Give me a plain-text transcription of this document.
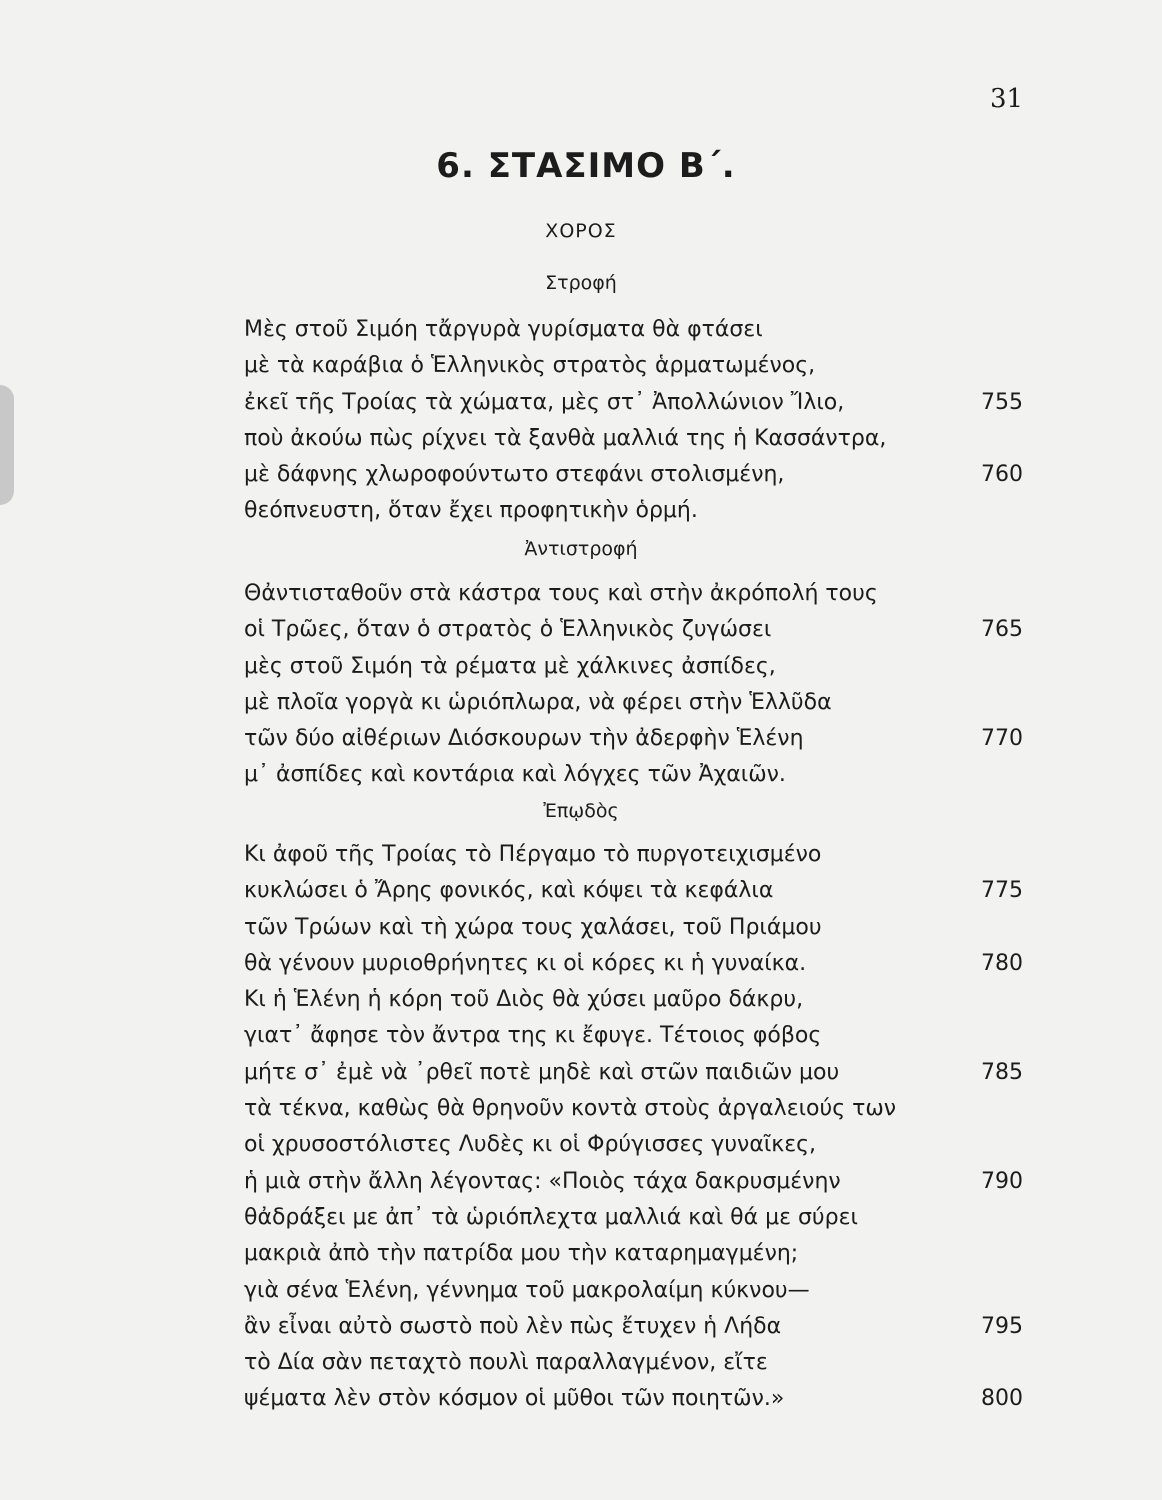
31
6. ΣΤΑΣΙΜΟ Β΄.
ΧΟΡΟΣ
Στροφή
Μὲς στοῦ Σιμόη τἄργυρὰ γυρίσματα θὰ φτάσει
μὲ τὰ καράβια ὁ Ἑλληνικὸς στρατὸς ἁρματωμένος,
ἐκεῖ τῆς Τροίας τὰ χώματα, μὲς στ᾽ Ἀπολλώνιον Ἴλιο,	755
ποὺ ἀκούω πὼς ρίχνει τὰ ξανθὰ μαλλιά της ἡ Κασσάντρα,
μὲ δάφνης χλωροφούντωτο στεφάνι στολισμένη,	760
θεόπνευστη, ὅταν ἔχει προφητικὴν ὁρμή.
Ἀντιστροφή
Θἀντισταθοῦν στὰ κάστρα τους καὶ στὴν ἀκρόπολή τους
οἱ Τρῶες, ὅταν ὁ στρατὸς ὁ Ἑλληνικὸς ζυγώσει	765
μὲς στοῦ Σιμόη τὰ ρέματα μὲ χάλκινες ἀσπίδες,
μὲ πλοῖα γοργὰ κι ὡριόπλωρα, νὰ φέρει στὴν Ἑλλῦδα
τῶν δύο αἰθέριων Διόσκουρων τὴν ἀδερφὴν Ἑλένη	770
μ᾽ ἀσπίδες καὶ κοντάρια καὶ λόγχες τῶν Ἀχαιῶν.
Ἐπῳδὸς
Κι ἀφοῦ τῆς Τροίας τὸ Πέργαμο τὸ πυργοτειχισμένο
κυκλώσει ὁ Ἄρης φονικός, καὶ κόψει τὰ κεφάλια	775
τῶν Τρώων καὶ τὴ χώρα τους χαλάσει, τοῦ Πριάμου
θὰ γένουν μυριοθρήνητες κι οἱ κόρες κι ἡ γυναίκα.	780
Κι ἡ Ἑλένη ἡ κόρη τοῦ Διὸς θὰ χύσει μαῦρο δάκρυ,
γιατ᾽ ἄφησε τὸν ἄντρα της κι ἔφυγε. Τέτοιος φόβος
μήτε σ᾽ ἐμὲ νὰ ᾽ρθεῖ ποτὲ μηδὲ καὶ στῶν παιδιῶν μου	785
τὰ τέκνα, καθὼς θὰ θρηνοῦν κοντὰ στοὺς ἀργαλειούς των
οἱ χρυσοστόλιστες Λυδὲς κι οἱ Φρύγισσες γυναῖκες,
ἡ μιὰ στὴν ἄλλη λέγοντας: «Ποιὸς τάχα δακρυσμένην	790
θἀδράξει με ἀπ᾽ τὰ ὡριόπλεχτα μαλλιά καὶ θά με σύρει
μακριὰ ἀπὸ τὴν πατρίδα μου τὴν καταρημαγμένη;
γιὰ σένα Ἑλένη, γέννημα τοῦ μακρολαίμη κύκνου—
ἂν εἶναι αὐτὸ σωστὸ ποὺ λὲν πὼς ἔτυχεν ἡ Λήδα	795
τὸ Δία σὰν πεταχτὸ πουλὶ παραλλαγμένον, εἴτε
ψέματα λὲν στὸν κόσμον οἱ μῦθοι τῶν ποιητῶν.»	800
